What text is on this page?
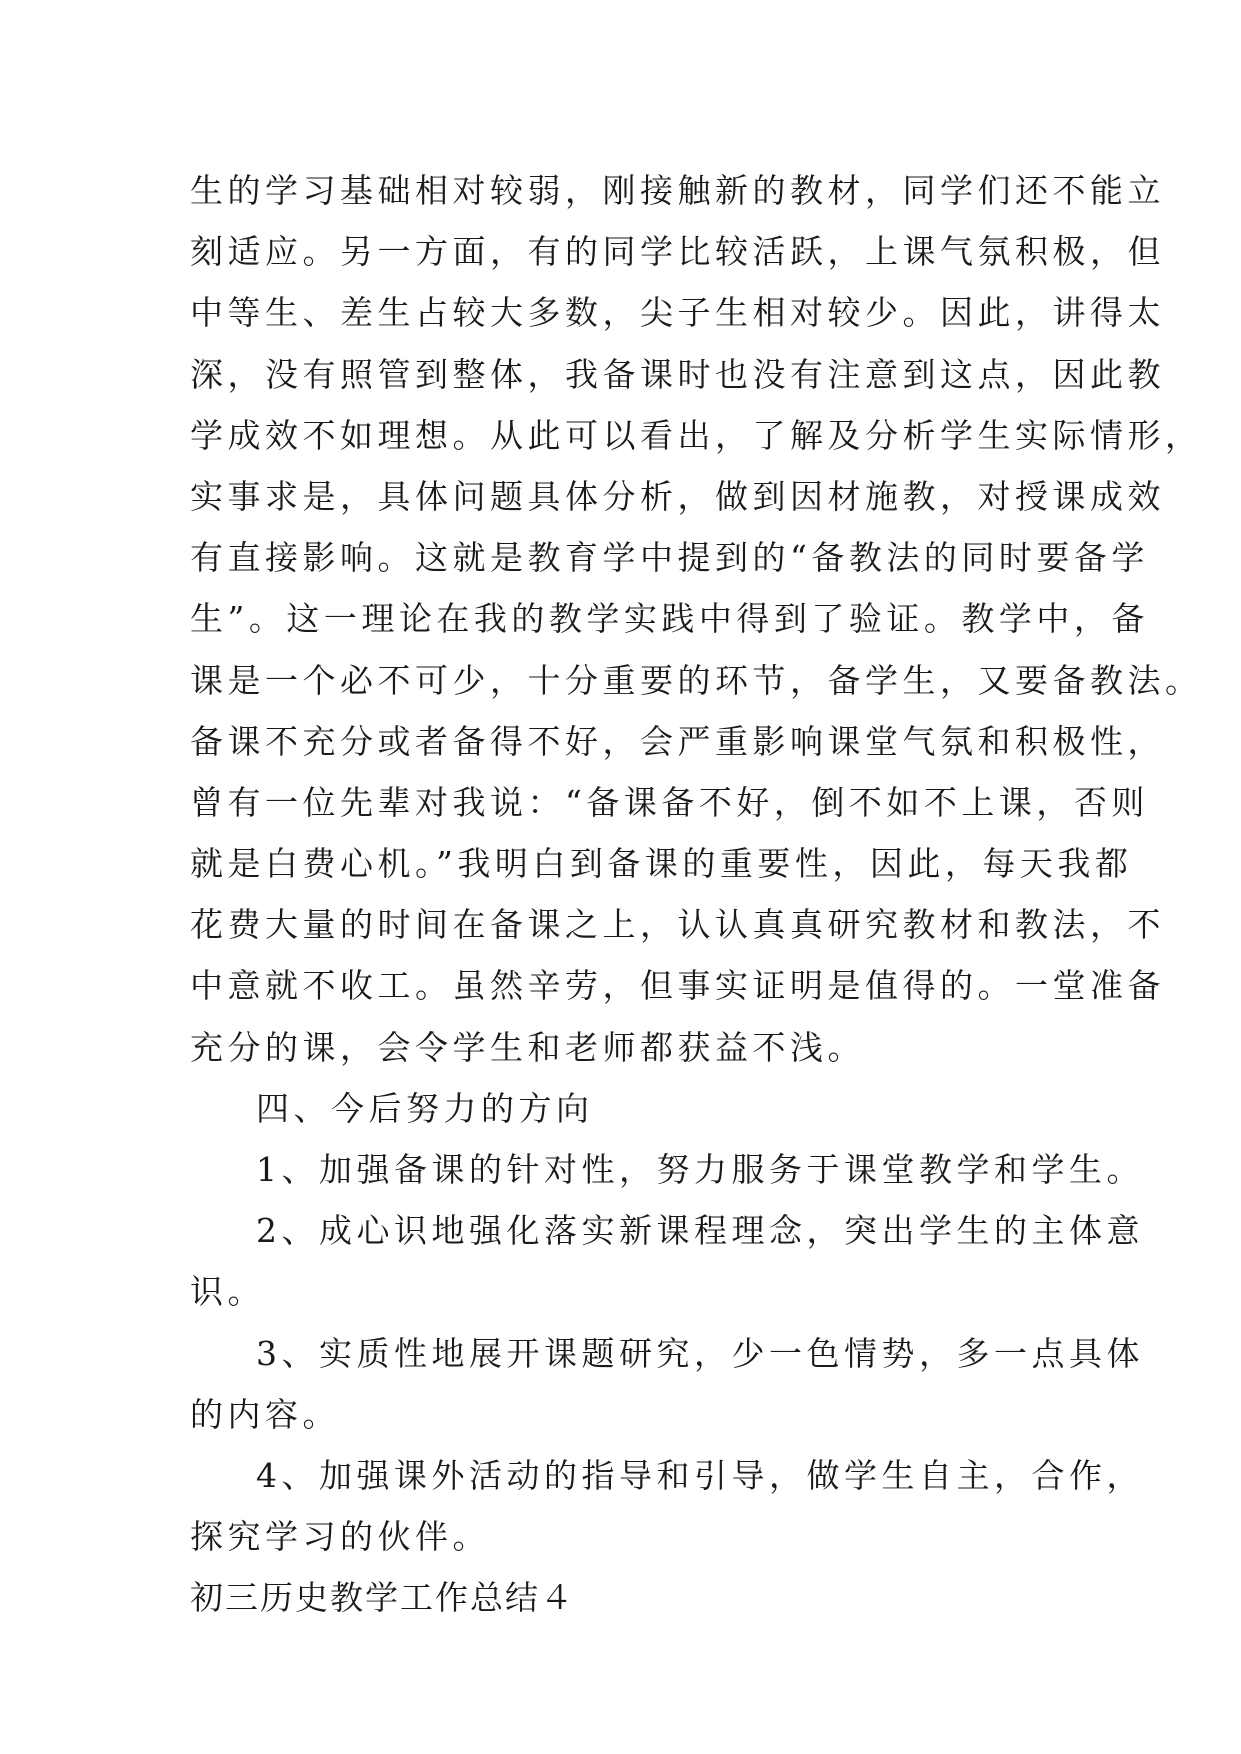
生的学习基础相对较弱，刚接触新的教材，同学们还不能立
刻适应。另一方面，有的同学比较活跃，上课气氛积极，但
中等生、差生占较大多数，尖子生相对较少。因此，讲得太
深，没有照管到整体，我备课时也没有注意到这点，因此教
学成效不如理想。从此可以看出，了解及分析学生实际情形，
实事求是，具体问题具体分析，做到因材施教，对授课成效
有直接影响。这就是教育学中提到的“备教法的同时要备学
生”。这一理论在我的教学实践中得到了验证。教学中，备
课是一个必不可少，十分重要的环节，备学生，又要备教法。
备课不充分或者备得不好，会严重影响课堂气氛和积极性，
曾有一位先辈对我说：“备课备不好，倒不如不上课，否则
就是白费心机。”我明白到备课的重要性，因此，每天我都
花费大量的时间在备课之上，认认真真研究教材和教法，不
中意就不收工。虽然辛劳，但事实证明是值得的。一堂准备
充分的课，会令学生和老师都获益不浅。
四、今后努力的方向
1、加强备课的针对性，努力服务于课堂教学和学生。
2、成心识地强化落实新课程理念，突出学生的主体意
识。
3、实质性地展开课题研究，少一色情势，多一点具体
的内容。
4、加强课外活动的指导和引导，做学生自主，合作，
探究学习的伙伴。
初三历史教学工作总结４
